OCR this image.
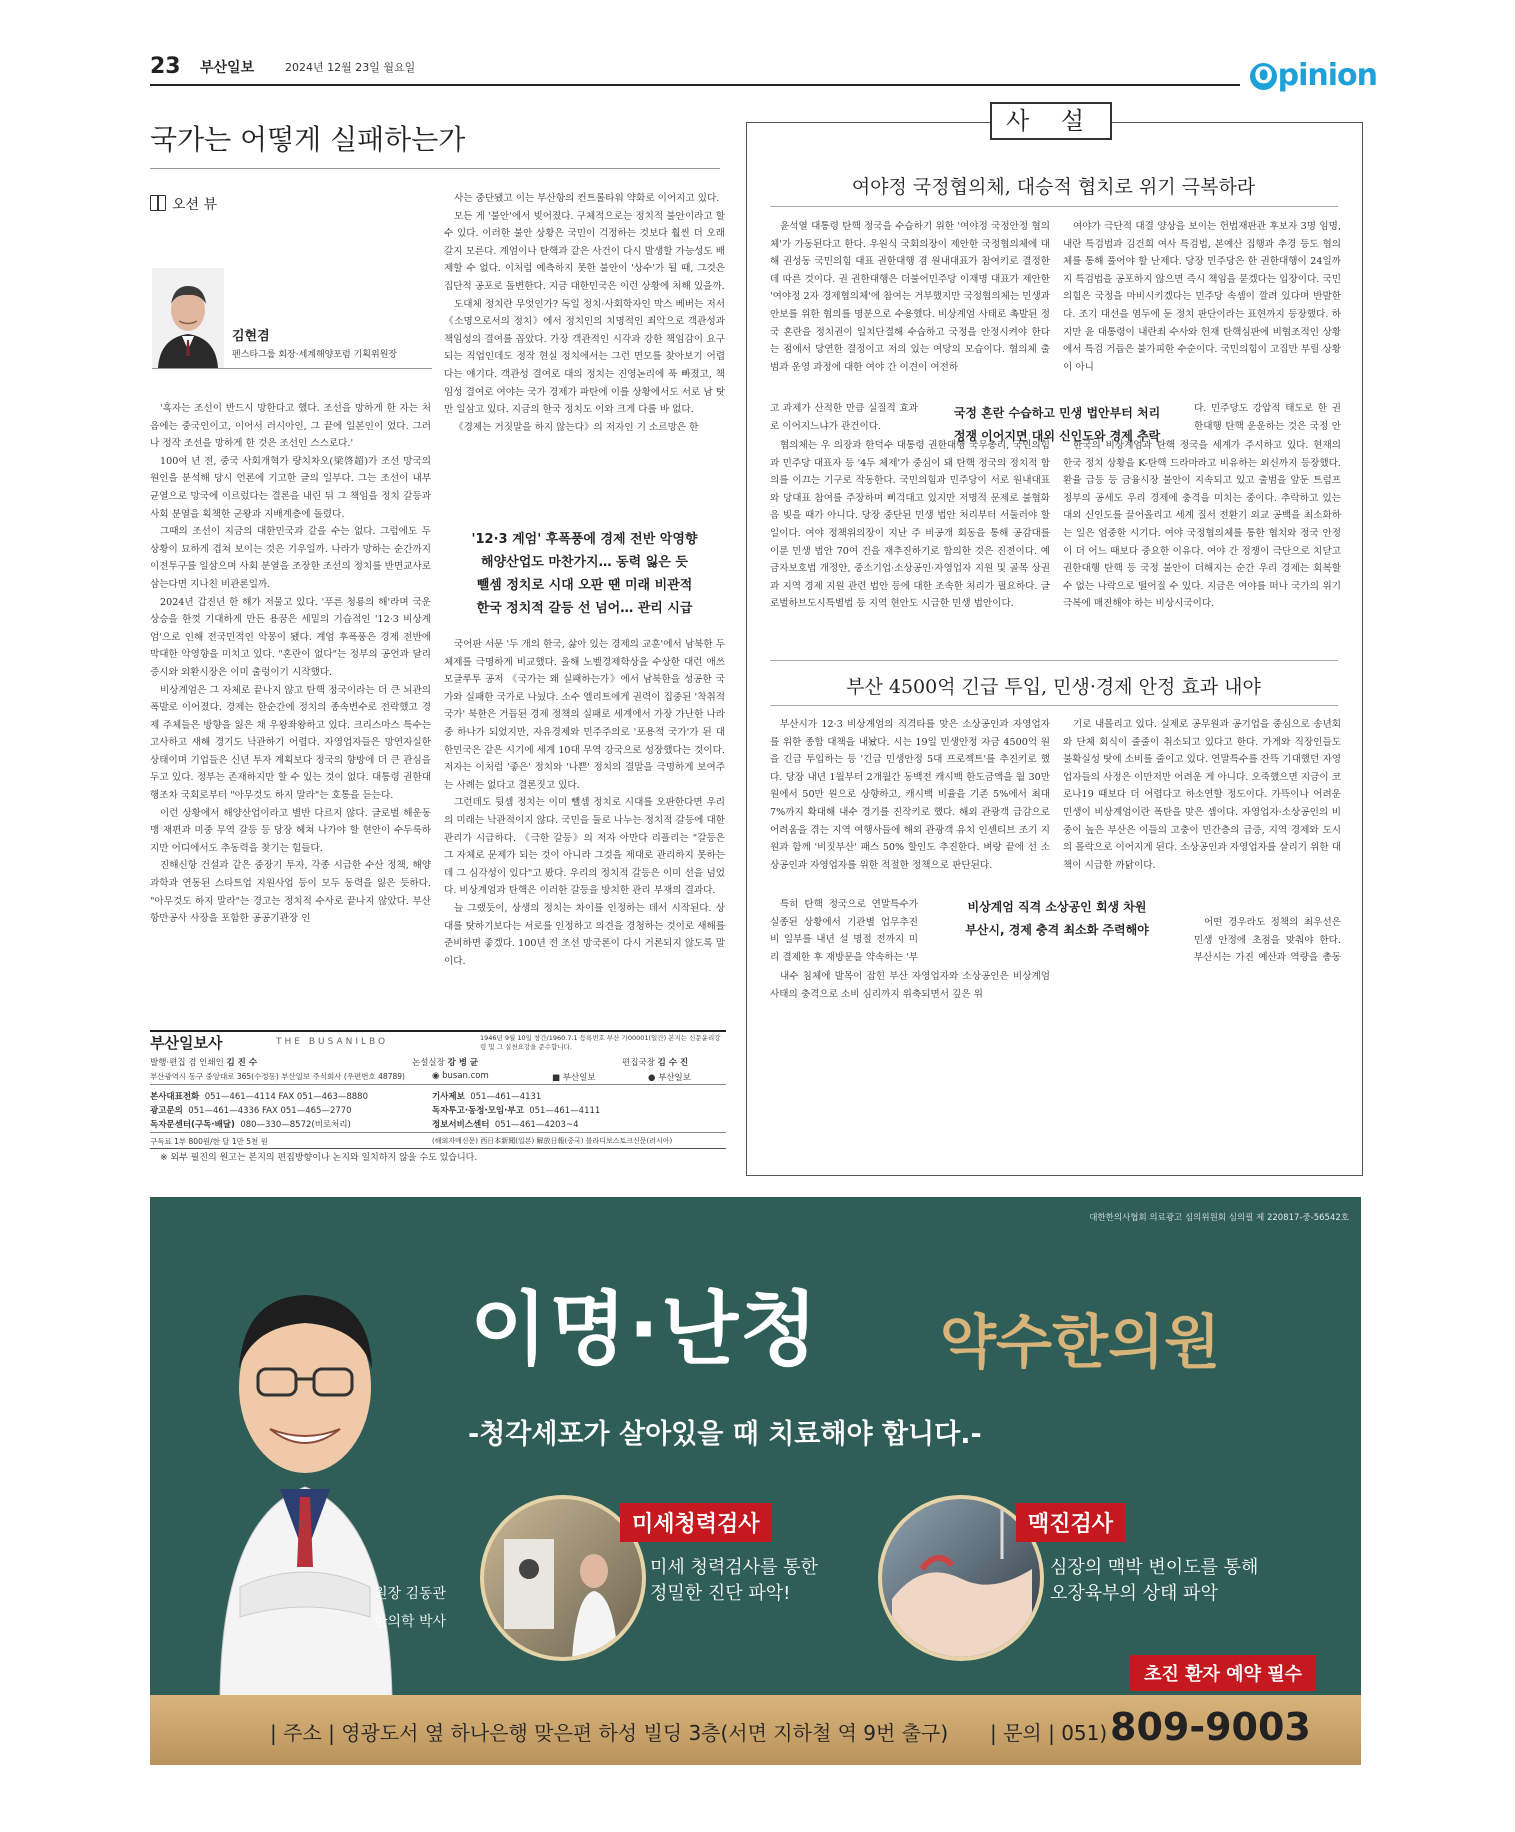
23 부산일보	2024년 12월 23일 월요일	O pinion
국가는 어떻게 실패하는가
오션 뷰
김현겸
펜스타그룹 회장·세계해양포럼 기획위원장

'흑자는 조선이 반드시 망한다고 했다. 조선을 망하게 한 자는 처음에는 중국인이고, 이어서 러시아인, 그 끝에 일본인이 었다. 그러나 정작 조선을 망하게 한 것은 조선인 스스로다.'

100여 년 전, 중국 사회개혁가 량치차오(梁啓超)가 조선 망국의 원인을 분석해 당시 언론에 기고한 글의 일부다. 그는 조선이 내부 균열으로 망국에 이르렀다는 결론을 내린 뒤 그 책임을 정치 갈등과 사회 분열을 획책한 군왕과 지배계층에 돌렸다.

그때의 조선이 지금의 대한민국과 같을 수는 없다. 그럼에도 두 상황이 묘하게 겹쳐 보이는 것은 기우일까. 나라가 망하는 순간까지 이전투구를 일삼으며 사회 분열을 조장한 조선의 정치를 반면교사로 삼는다면 지나친 비관론일까.

2024년 갑진년 한 해가 저물고 있다. '푸른 청룡의 해'라며 국운 상승을 한껏 기대하게 만든 용꿈은 세밑의 기습적인 '12·3 비상계엄'으로 인해 전국민적인 악몽이 됐다. 계엄 후폭풍은 경제 전반에 막대한 악영향을 미치고 있다. "혼란이 없다"는 정부의 공언과 달리 증시와 외환시장은 이미 출렁이기 시작했다.

비상계엄은 그 자체로 끝나지 않고 탄핵 정국이라는 더 큰 뇌관의 폭발로 이어졌다. 경제는 한순간에 정치의 종속변수로 전락했고 경제 주체들은 방향을 잃은 채 우왕좌왕하고 있다. 크리스마스 특수는 고사하고 새해 경기도 낙관하기 어렵다. 자영업자들은 망연자실한 상태이며 기업들은 신년 투자 계획보다 정국의 향방에 더 큰 관심을 두고 있다. 정부는 존재하지만 할 수 있는 것이 없다. 대통령 권한대행조차 국회로부터 "아무것도 하지 말라"는 호통을 듣는다.

이런 상황에서 해양산업이라고 별반 다르지 않다. 글로벌 해운동맹 재편과 미중 무역 갈등 등 당장 헤쳐 나가야 할 현안이 수두룩하지만 어디에서도 추동력을 찾기는 힘들다.

진해신항 건설과 같은 중장기 투자, 각종 시급한 수산 정책, 해양과학과 연동된 스타트업 지원사업 등이 모두 동력을 잃은 듯하다. "아무것도 하지 말라"는 경고는 정치적 수사로 끝나지 않았다. 부산항만공사 사장을 포함한 공공기관장 인

사는 중단됐고 이는 부산항의 컨트롤타워 약화로 이어지고 있다.

모든 게 '불안'에서 빚어졌다. 구체적으로는 정치적 불안이라고 할 수 있다. 이러한 불안 상황은 국민이 걱정하는 것보다 훨씬 더 오래갈지 모른다. 계엄이나 탄핵과 같은 사건이 다시 발생할 가능성도 배제할 수 없다. 이처럼 예측하지 못한 불안이 '상수'가 될 때, 그것은 집단적 공포로 돌변한다. 지금 대한민국은 이런 상황에 처해 있을까.

도대체 정치란 무엇인가? 독일 정치·사회학자인 막스 베버는 저서 《소명으로서의 정치》에서 정치인의 치명적인 죄악으로 객관성과 책임성의 결여를 꼽았다. 가장 객관적인 시각과 강한 책임감이 요구되는 직업인데도 정작 현실 정치에서는 그런 면모를 찾아보기 어렵다는 얘기다. 객관성 결여로 대의 정치는 진영논리에 푹 빠졌고, 책임성 결여로 여야는 국가 경제가 파탄에 이를 상황에서도 서로 남 탓만 일삼고 있다. 지금의 한국 정치도 이와 크게 다를 바 없다.

《경제는 거짓말을 하지 않는다》의 저자인 기 소르망은 한

'12·3 계엄' 후폭풍에 경제 전반 악영향
해양산업도 마찬가지… 동력 잃은 듯
뺄셈 정치로 시대 오판 땐 미래 비관적
한국 정치적 갈등 선 넘어… 관리 시급

국어판 서문 '두 개의 한국, 삶아 있는 경제의 교훈'에서 남북한 두 체제를 극명하게 비교했다. 올해 노벨경제학상을 수상한 대런 애쓰모글루투 공저 《국가는 왜 실패하는가》에서 남북한을 성공한 국가와 실패한 국가로 나눴다. 소수 엘리트에게 권력이 집중된 '착취적 국가' 북한은 거듭된 경제 정책의 실패로 세계에서 가장 가난한 나라 중 하나가 되었지만, 자유경제와 민주주의로 '포용적 국가'가 된 대한민국은 같은 시기에 세계 10대 무역 강국으로 성장했다는 것이다. 저자는 이처럼 '좋은' 정치와 '나쁜' 정치의 결말을 극명하게 보여주는 사례는 없다고 결론짓고 있다.

그런데도 뒷셈 정치는 이미 뺄셈 정치로 시대를 오판한다면 우리의 미래는 낙관적이지 않다. 국민을 둘로 나누는 정치적 갈등에 대한 관리가 시급하다. 《극한 갈등》의 저자 아만다 리플리는 "갈등은 그 자체로 문제가 되는 것이 아니라 그것을 제대로 관리하지 못하는 데 그 심각성이 있다"고 봤다. 우리의 정치적 갈등은 이미 선을 넘었다. 비상계엄과 탄핵은 이러한 갈등을 방치한 관리 부재의 결과다.

늘 그랬듯이, 상생의 정치는 차이를 인정하는 데서 시작된다. 상대를 탓하기보다는 서로를 인정하고 의견을 경청하는 것이로 새해를 준비하면 좋겠다. 100년 전 조선 망국론이 다시 거론되지 않도록 말이다.

부산일보사	THE BUSANILBO	1946년 9월 10일 창간/1960.7.1 등록번호 부산 가00001(일간) 본지는 신문윤리강령 및 그 실천요강을 준수합니다.
발행·편집 겸 인쇄인 김 진 수	논설실장 강 병 균	편집국장 김 수 진
부산광역시 동구 중앙대로 365(수정동) 부산일보 주식회사 (우편번호 48789)	◉ busan.com	■ 부산일보	● 부산일보
본사대표전화 051—461—4114 FAX 051—463—8880
광고문의 051—461—4336 FAX 051—465—2770
독자문센터(구독·배달) 080—330—8572(비로처리)
기사제보 051—461—4131
독자투고·동정·모임·부고 051—461—4111
정보서비스센터 051—461—4203~4
구독료 1부 800원/한 달 1만 5천 원	(해외자매신문) 西日本新聞(일본) 解放日報(중국) 블라디보스토크신문(러시아)
※ 외부 필진의 원고는 본지의 편집방향이나 논지와 일치하지 않을 수도 있습니다.
사 설
여야정 국정협의체, 대승적 협치로 위기 극복하라

윤석열 대통령 탄핵 정국을 수습하기 위한 '여야정 국정안정 협의체'가 가동된다고 한다. 우원식 국회의장이 제안한 국정협의체에 대해 권성동 국민의힘 대표 권한대행 겸 원내대표가 참여키로 결정한 데 따른 것이다. 권 권한대행은 더불어민주당 이재명 대표가 제안한 '여야정 2자 경제협의체'에 참여는 거부했지만 국정협의체는 민생과 안보를 위한 협의를 명분으로 수용했다. 비상계엄 사태로 촉발된 정국 혼란을 정치권이 일치단결해 수습하고 국정을 안정시켜야 한다는 점에서 당연한 결정이고 저의 있는 여당의 모습이다. 협의체 출범과 운영 과정에 대한 여야 간 이견이 여전하

고 과제가 산적한 만큼 실질적 효과로 이어지느냐가 관건이다.

협의체는 우 의장과 한덕수 대통령 권한대행 국무총리, 국민의힘과 민주당 대표자 등 '4두 체제'가 중심이 돼 탄핵 정국의 정치적 합의를 이끄는 기구로 작동한다. 국민의힘과 민주당이 서로 원내대표와 당대표 참여를 주장하며 삐걱대고 있지만 저명적 문제로 불협화음 빚을 때가 아니다. 당장 중단된 민생 법안 처리부터 서둘러야 할 일이다. 여야 정책위의장이 지난 주 비공개 회동을 통해 공감대를 이룬 민생 법안 70여 건을 재추진하기로 합의한 것은 진전이다. 예금자보호법 개정안, 중소기업·소상공인·자영업자 지원 및 골목 상권과 지역 경제 지원 관련 법안 등에 대한 조속한 처리가 필요하다. 글로벌하브도시특별법 등 지역 현안도 시급한 민생 법안이다.

여야가 극단적 대결 양상을 보이는 헌법재판관 후보자 3명 임명, 내란 특검법과 김건희 여사 특검법, 본예산 집행과 추경 등도 협의체를 통해 풀어야 할 난제다. 당장 민주당은 한 권한대행이 24일까지 특검법을 공포하지 않으면 즉시 책임을 묻겠다는 입장이다. 국민의힘은 국정을 마비시키겠다는 민주당 속셈이 깔려 있다며 반발한다. 조기 대선을 염두에 둔 정치 판단이라는 표현까지 등장했다. 하지만 윤 대통령이 내란죄 수사와 헌재 탄핵심판에 비협조적인 상황에서 특검 거듭은 불가피한 수순이다. 국민의힘이 고집만 부릴 상황이 아니

다. 민주당도 강압적 태도로 한 권한대행 탄핵 운운하는 것은 국정 안

한국의 비상계엄과 탄핵 정국을 세계가 주시하고 있다. 현재의 한국 정치 상황을 K-탄핵 드라마라고 비유하는 외신까지 등장했다. 환율 급등 등 금융시장 불안이 지속되고 있고 출범을 앞둔 트럼프 정부의 공세도 우리 경제에 충격을 미치는 중이다. 추락하고 있는 대외 신인도를 끌어올리고 세계 질서 전환기 외교 공백을 최소화하는 일은 엄중한 시기다. 여야 국정협의체를 통한 협치와 정국 안정이 더 어느 때보다 중요한 이유다. 여야 간 정쟁이 극단으로 치닫고 권한대행 탄핵 등 국정 불안이 더해지는 순간 우리 경제는 회복할 수 없는 나락으로 떨어질 수 있다. 지금은 여야를 떠나 국가의 위기 극복에 매진해야 하는 비상시국이다.

국정 혼란 수습하고 민생 법안부터 처리
정쟁 이어지면 대외 신인도와 경제 추락
부산 4500억 긴급 투입, 민생·경제 안정 효과 내야

부산시가 12·3 비상계엄의 직격타를 맞은 소상공인과 자영업자를 위한 종합 대책을 내놨다. 시는 19일 민생안정 자금 4500억 원을 긴급 투입하는 등 '긴급 민생안정 5대 프로젝트'를 추진키로 했다. 당장 내년 1월부터 2개월간 동백전 캐시백 한도금액을 월 30만 원에서 50만 원으로 상향하고, 캐시백 비율을 기존 5%에서 최대 7%까지 확대해 내수 경기를 진작키로 했다. 해외 관광객 급감으로 어려움을 겪는 지역 여행사들에 해외 관광객 유치 인센티브 조기 지원과 함께 '비짓부산' 패스 50% 할인도 추진한다. 벼랑 끝에 선 소상공인과 자영업자를 위한 적절한 정책으로 판단된다.

특히 탄핵 정국으로 연말특수가 실종된 상황에서 기관별 업무추진비 일부를 내년 설 명절 전까지 미리 결제한 후 재방문을 약속하는 '부

내수 침체에 발목이 잡힌 부산 자영업자와 소상공인은 비상계엄 사태의 충격으로 소비 심리까지 위축되면서 깊은 위

기로 내몰리고 있다. 실제로 공무원과 공기업을 중심으로 송년회와 단체 회식이 줄줄이 취소되고 있다고 한다. 가게와 직장인들도 불확실성 탓에 소비를 줄이고 있다. 연말특수를 잔뜩 기대했던 자영업자들의 사정은 이만저만 어려운 게 아니다. 오죽했으면 지금이 코로나19 때보다 더 어렵다고 하소연할 정도이다. 가뜩이나 어려운 민생이 비상계엄이란 폭탄을 맞은 셈이다. 자영업자·소상공인의 비중이 높은 부산은 이들의 고충이 민간층의 급증, 지역 경제와 도시의 몰락으로 이어지게 된다. 소상공인과 자영업자를 살리기 위한 대책이 시급한 까닭이다.

어떤 경우라도 정책의 최우선은 민생 안정에 초점을 맞춰야 한다. 부산시는 가진 예산과 역량을 총동

비상계엄 직격 소상공인 회생 차원
부산시, 경제 충격 최소화 주력해야
대한한의사협회 의료광고 심의위원회 심의필 제 220817-중-56542호
이명·난청 약수한의원
-청각세포가 살아있을 때 치료해야 합니다.-
원장 김동관
한의학 박사
미세청력검사
미세 청력검사를 통한
정밀한 진단 파악!
맥진검사
심장의 맥박 변이도를 통해
오장육부의 상태 파악
초진 환자 예약 필수
| 주소 | 영광도서 옆 하나은행 맞은편 하성 빌딩 3층(서면 지하철 역 9번 출구) | 문의 | 051) 809-9003
